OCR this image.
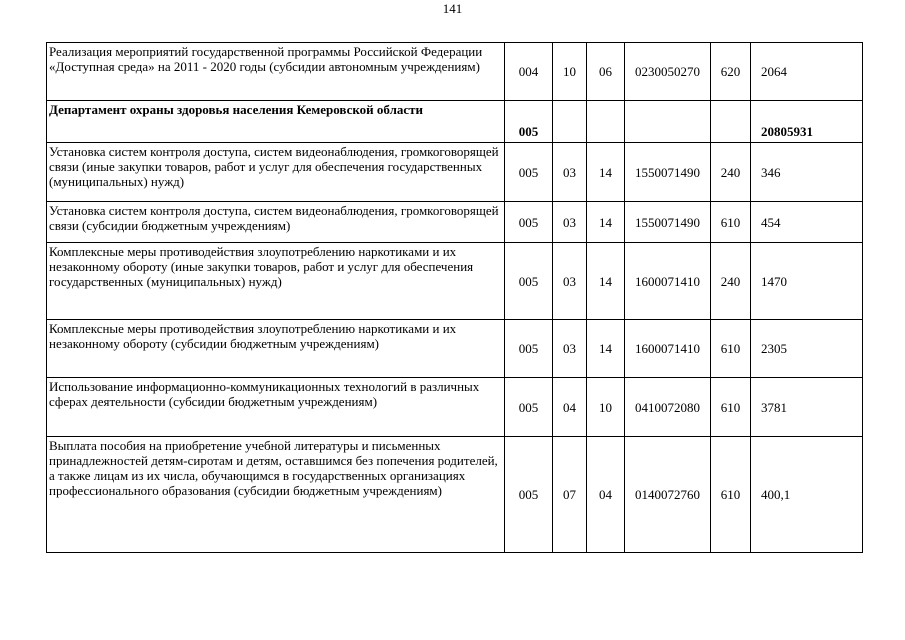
141
Реализация мероприятий государственной программы Российской Федерации «Доступная среда» на 2011 - 2020 годы (субсидии автономным учреждениям)	004	10	06	0230050270	620	2064
Департамент охраны здоровья населения Кемеровской области	005					20805931
Установка систем контроля доступа, систем видеонаблюдения, громкоговорящей связи (иные закупки товаров, работ и услуг для обеспечения государственных (муниципальных) нужд)	005	03	14	1550071490	240	346
Установка систем контроля доступа, систем видеонаблюдения, громкоговорящей связи (субсидии бюджетным учреждениям)	005	03	14	1550071490	610	454
Комплексные меры противодействия злоупотреблению наркотиками и их незаконному обороту (иные закупки товаров, работ и услуг для обеспечения государственных (муниципальных) нужд)	005	03	14	1600071410	240	1470
Комплексные меры противодействия злоупотреблению наркотиками и их незаконному обороту (субсидии бюджетным учреждениям)	005	03	14	1600071410	610	2305
Использование информационно-коммуникационных технологий в различных сферах деятельности (субсидии бюджетным учреждениям)	005	04	10	0410072080	610	3781
Выплата пособия на приобретение учебной литературы и письменных принадлежностей детям-сиротам и детям, оставшимся без попечения родителей, а также лицам из их числа, обучающимся в государственных организациях профессионального образования (субсидии бюджетным учреждениям)	005	07	04	0140072760	610	400,1
